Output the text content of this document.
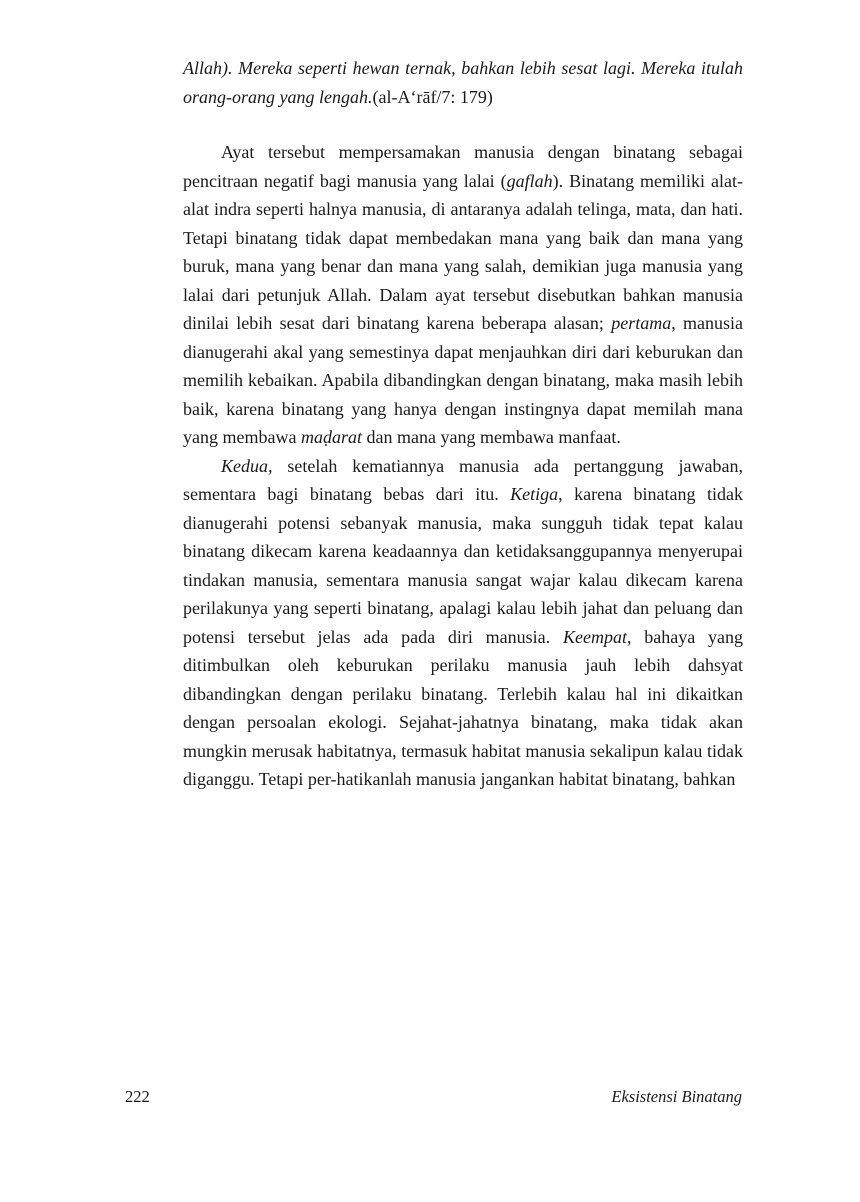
Allah). Mereka seperti hewan ternak, bahkan lebih sesat lagi. Mereka itulah orang-orang yang lengah.(al-A‘rāf/7: 179)

Ayat tersebut mempersamakan manusia dengan binatang sebagai pencitraan negatif bagi manusia yang lalai (gaflah). Binatang memiliki alat-alat indra seperti halnya manusia, di antaranya adalah telinga, mata, dan hati. Tetapi binatang tidak dapat membedakan mana yang baik dan mana yang buruk, mana yang benar dan mana yang salah, demikian juga manusia yang lalai dari petunjuk Allah. Dalam ayat tersebut disebutkan bahkan manusia dinilai lebih sesat dari binatang karena beberapa alasan; pertama, manusia dianugerahi akal yang semestinya dapat menjauhkan diri dari keburukan dan memilih kebaikan. Apabila dibandingkan dengan binatang, maka masih lebih baik, karena binatang yang hanya dengan instingnya dapat memilah mana yang membawa maḍarat dan mana yang membawa manfaat.

Kedua, setelah kematiannya manusia ada pertanggung jawaban, sementara bagi binatang bebas dari itu. Ketiga, karena binatang tidak dianugerahi potensi sebanyak manusia, maka sungguh tidak tepat kalau binatang dikecam karena keadaannya dan ketidaksanggupannya menyerupai tindakan manusia, sementara manusia sangat wajar kalau dikecam karena perilakunya yang seperti binatang, apalagi kalau lebih jahat dan peluang dan potensi tersebut jelas ada pada diri manusia. Keempat, bahaya yang ditimbulkan oleh keburukan perilaku manusia jauh lebih dahsyat dibandingkan dengan perilaku binatang. Terlebih kalau hal ini dikaitkan dengan persoalan ekologi. Sejahat-jahatnya binatang, maka tidak akan mungkin merusak habitatnya, termasuk habitat manusia sekalipun kalau tidak diganggu. Tetapi per-hatikanlah manusia jangankan habitat binatang, bahkan

222	Eksistensi Binatang
